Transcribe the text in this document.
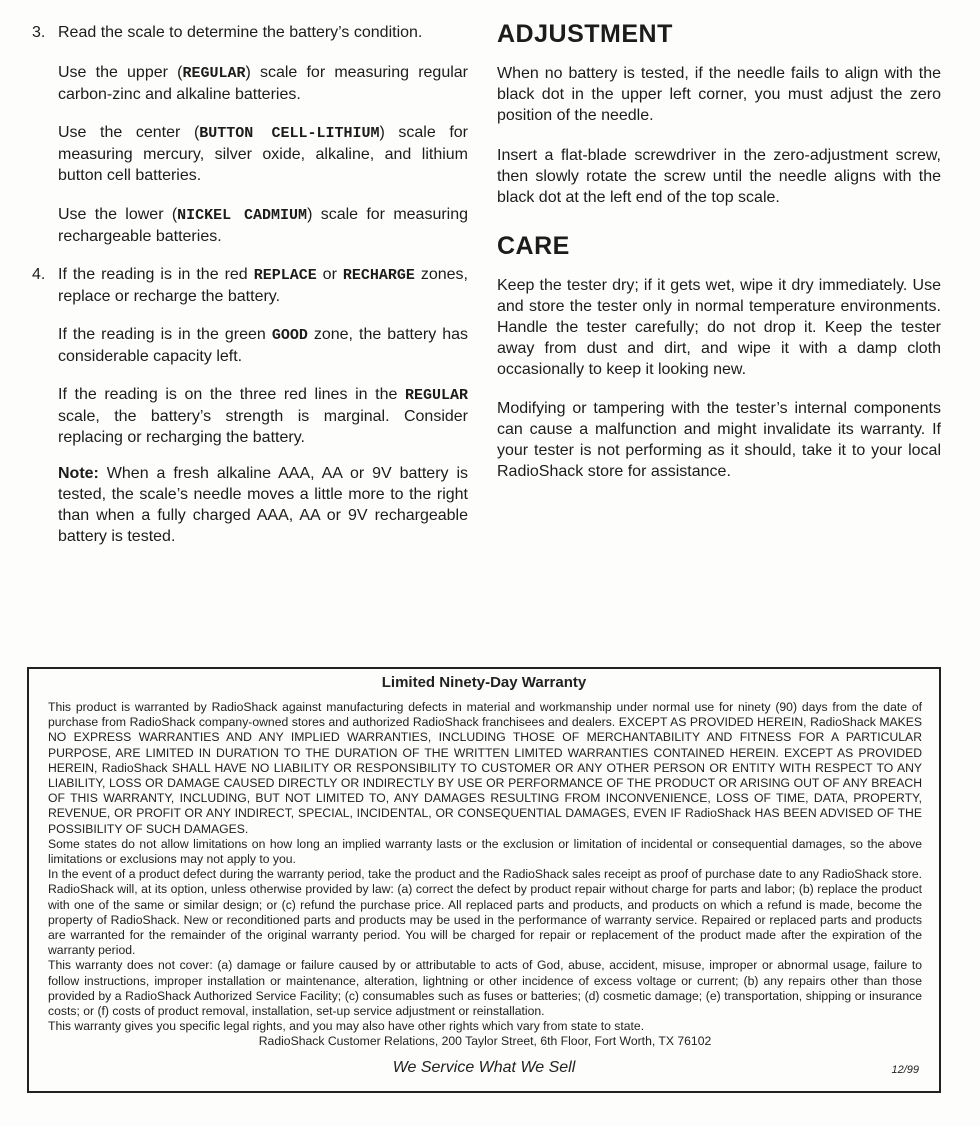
3. Read the scale to determine the battery’s condition.

Use the upper (REGULAR) scale for measuring regular carbon-zinc and alkaline batteries.

Use the center (BUTTON CELL-LITHIUM) scale for measuring mercury, silver oxide, alkaline, and lithium button cell batteries.

Use the lower (NICKEL CADMIUM) scale for measuring rechargeable batteries.

4. If the reading is in the red REPLACE or RECHARGE zones, replace or recharge the battery.

If the reading is in the green GOOD zone, the battery has considerable capacity left.

If the reading is on the three red lines in the REGULAR scale, the battery’s strength is marginal. Consider replacing or recharging the battery.

Note: When a fresh alkaline AAA, AA or 9V battery is tested, the scale’s needle moves a little more to the right than when a fully charged AAA, AA or 9V rechargeable battery is tested.

ADJUSTMENT

When no battery is tested, if the needle fails to align with the black dot in the upper left corner, you must adjust the zero position of the needle.

Insert a flat-blade screwdriver in the zero-adjustment screw, then slowly rotate the screw until the needle aligns with the black dot at the left end of the top scale.

CARE

Keep the tester dry; if it gets wet, wipe it dry immediately. Use and store the tester only in normal temperature environments. Handle the tester carefully; do not drop it. Keep the tester away from dust and dirt, and wipe it with a damp cloth occasionally to keep it looking new.

Modifying or tampering with the tester’s internal components can cause a malfunction and might invalidate its warranty. If your tester is not performing as it should, take it to your local RadioShack store for assistance.

Limited Ninety-Day Warranty

This product is warranted by RadioShack against manufacturing defects in material and workmanship under normal use for ninety (90) days from the date of purchase from RadioShack company-owned stores and authorized RadioShack franchisees and dealers. EXCEPT AS PROVIDED HEREIN, RadioShack MAKES NO EXPRESS WARRANTIES AND ANY IMPLIED WARRANTIES, INCLUDING THOSE OF MERCHANTABILITY AND FITNESS FOR A PARTICULAR PURPOSE, ARE LIMITED IN DURATION TO THE DURATION OF THE WRITTEN LIMITED WARRANTIES CONTAINED HEREIN. EXCEPT AS PROVIDED HEREIN, RadioShack SHALL HAVE NO LIABILITY OR RESPONSIBILITY TO CUSTOMER OR ANY OTHER PERSON OR ENTITY WITH RESPECT TO ANY LIABILITY, LOSS OR DAMAGE CAUSED DIRECTLY OR INDIRECTLY BY USE OR PERFORMANCE OF THE PRODUCT OR ARISING OUT OF ANY BREACH OF THIS WARRANTY, INCLUDING, BUT NOT LIMITED TO, ANY DAMAGES RESULTING FROM INCONVENIENCE, LOSS OF TIME, DATA, PROPERTY, REVENUE, OR PROFIT OR ANY INDIRECT, SPECIAL, INCIDENTAL, OR CONSEQUENTIAL DAMAGES, EVEN IF RadioShack HAS BEEN ADVISED OF THE POSSIBILITY OF SUCH DAMAGES.

Some states do not allow limitations on how long an implied warranty lasts or the exclusion or limitation of incidental or consequential damages, so the above limitations or exclusions may not apply to you.

In the event of a product defect during the warranty period, take the product and the RadioShack sales receipt as proof of purchase date to any RadioShack store. RadioShack will, at its option, unless otherwise provided by law: (a) correct the defect by product repair without charge for parts and labor; (b) replace the product with one of the same or similar design; or (c) refund the purchase price. All replaced parts and products, and products on which a refund is made, become the property of RadioShack. New or reconditioned parts and products may be used in the performance of warranty service. Repaired or replaced parts and products are warranted for the remainder of the original warranty period. You will be charged for repair or replacement of the product made after the expiration of the warranty period.

This warranty does not cover: (a) damage or failure caused by or attributable to acts of God, abuse, accident, misuse, improper or abnormal usage, failure to follow instructions, improper installation or maintenance, alteration, lightning or other incidence of excess voltage or current; (b) any repairs other than those provided by a RadioShack Authorized Service Facility; (c) consumables such as fuses or batteries; (d) cosmetic damage; (e) transportation, shipping or insurance costs; or (f) costs of product removal, installation, set-up service adjustment or reinstallation.

This warranty gives you specific legal rights, and you may also have other rights which vary from state to state.

RadioShack Customer Relations, 200 Taylor Street, 6th Floor, Fort Worth, TX 76102

We Service What We Sell	12/99
